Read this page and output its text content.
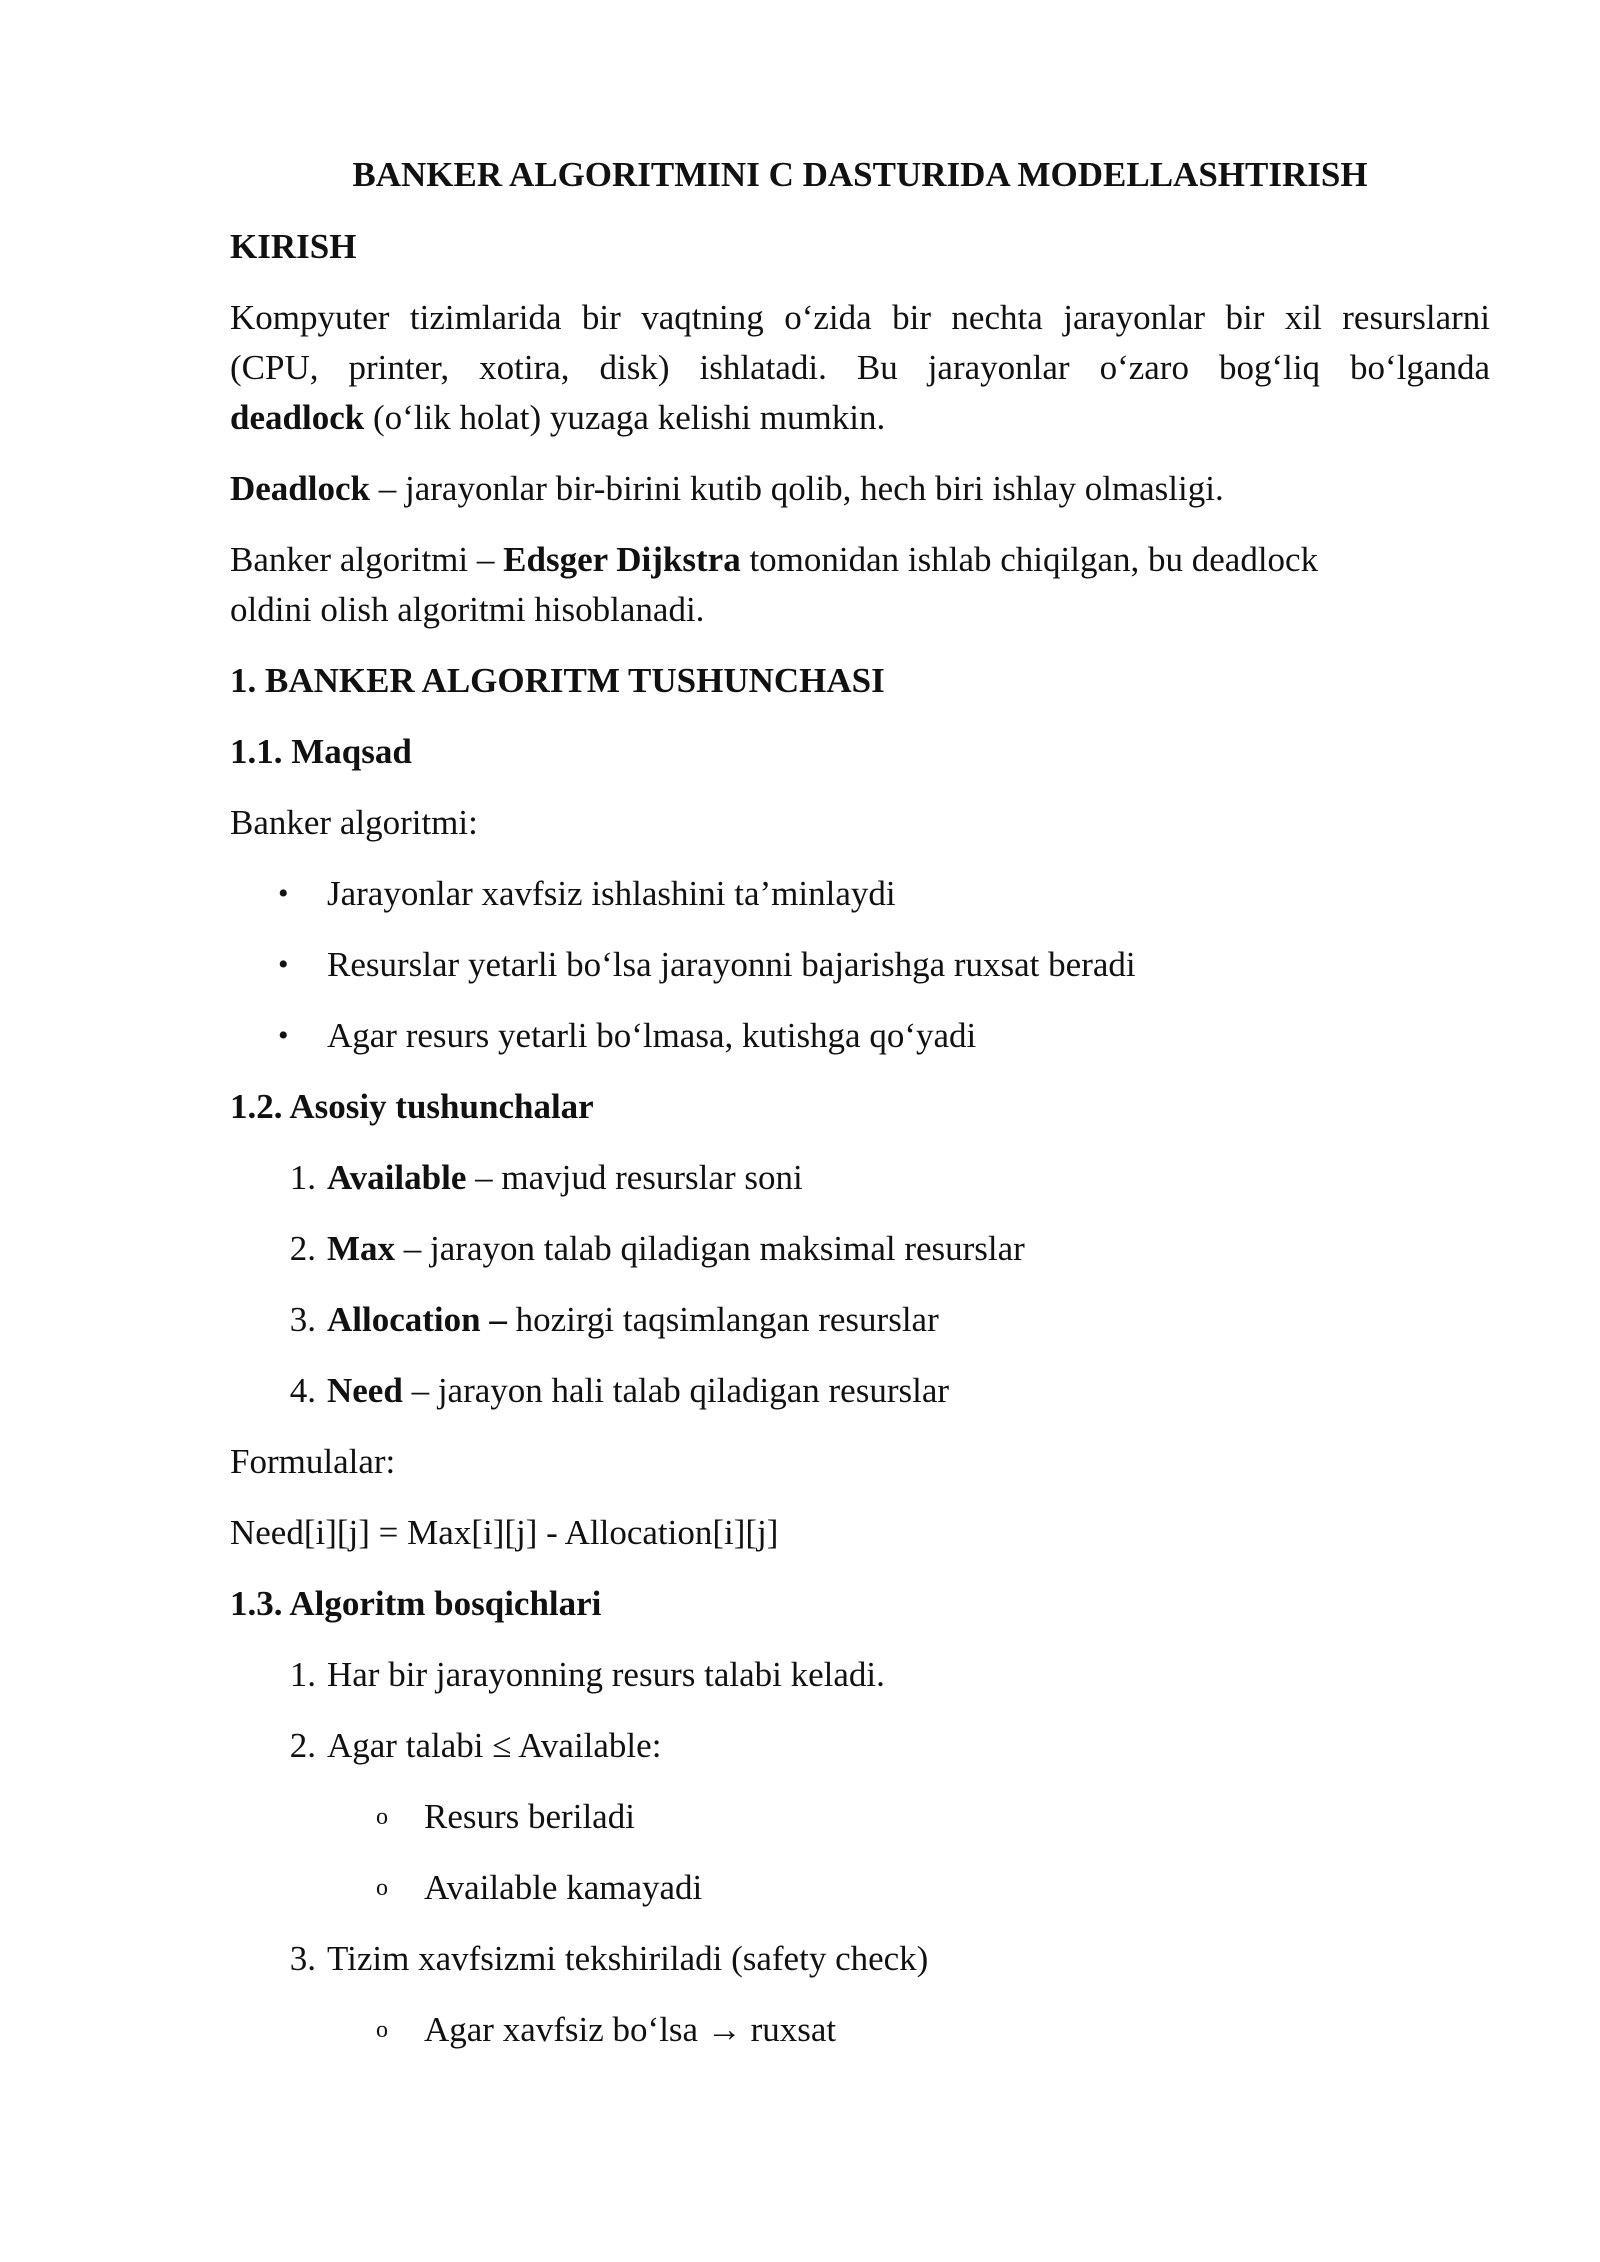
BANKER ALGORITMINI C DASTURIDA MODELLASHTIRISH

KIRISH

Kompyuter tizimlarida bir vaqtning o‘zida bir nechta jarayonlar bir xil resurslarni

(CPU, printer, xotira, disk) ishlatadi. Bu jarayonlar o‘zaro bog‘liq bo‘lganda

deadlock (o‘lik holat) yuzaga kelishi mumkin.

Deadlock – jarayonlar bir-birini kutib qolib, hech biri ishlay olmasligi.

Banker algoritmi – Edsger Dijkstra tomonidan ishlab chiqilgan, bu deadlock

oldini olish algoritmi hisoblanadi.

1. BANKER ALGORITM TUSHUNCHASI

1.1. Maqsad

Banker algoritmi:

• Jarayonlar xavfsiz ishlashini ta’minlaydi
• Resurslar yetarli bo‘lsa jarayonni bajarishga ruxsat beradi
• Agar resurs yetarli bo‘lmasa, kutishga qo‘yadi

1.2. Asosiy tushunchalar

1. Available – mavjud resurslar soni
2. Max – jarayon talab qiladigan maksimal resurslar
3. Allocation – hozirgi taqsimlangan resurslar
4. Need – jarayon hali talab qiladigan resurslar

Formulalar:

Need[i][j] = Max[i][j] - Allocation[i][j]

1.3. Algoritm bosqichlari

1. Har bir jarayonning resurs talabi keladi.
2. Agar talabi ≤ Available:
o Resurs beriladi
o Available kamayadi
3. Tizim xavfsizmi tekshiriladi (safety check)
o Agar xavfsiz bo‘lsa → ruxsat
